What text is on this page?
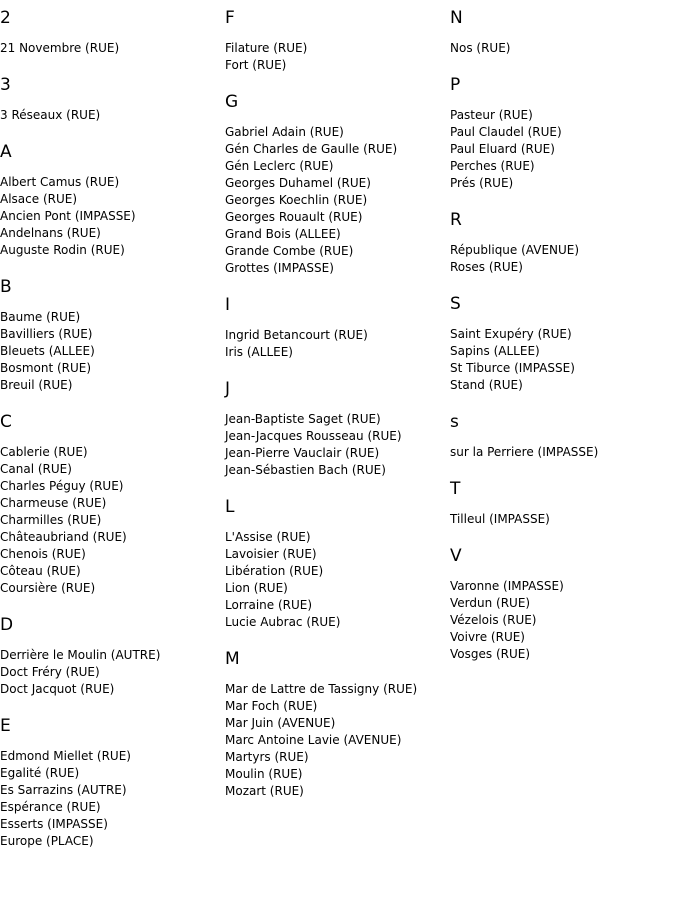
2
21 Novembre (RUE)
3
3 Réseaux (RUE)
A
Albert Camus (RUE)
Alsace (RUE)
Ancien Pont (IMPASSE)
Andelnans (RUE)
Auguste Rodin (RUE)
B
Baume (RUE)
Bavilliers (RUE)
Bleuets (ALLEE)
Bosmont (RUE)
Breuil (RUE)
C
Cablerie (RUE)
Canal (RUE)
Charles Péguy (RUE)
Charmeuse (RUE)
Charmilles (RUE)
Châteaubriand (RUE)
Chenois (RUE)
Côteau (RUE)
Coursière (RUE)
D
Derrière le Moulin (AUTRE)
Doct Fréry (RUE)
Doct Jacquot (RUE)
E
Edmond Miellet (RUE)
Egalité (RUE)
Es Sarrazins (AUTRE)
Espérance (RUE)
Esserts (IMPASSE)
Europe (PLACE)
F
Filature (RUE)
Fort (RUE)
G
Gabriel Adain (RUE)
Gén Charles de Gaulle (RUE)
Gén Leclerc (RUE)
Georges Duhamel (RUE)
Georges Koechlin (RUE)
Georges Rouault (RUE)
Grand Bois (ALLEE)
Grande Combe (RUE)
Grottes (IMPASSE)
I
Ingrid Betancourt (RUE)
Iris (ALLEE)
J
Jean-Baptiste Saget (RUE)
Jean-Jacques Rousseau (RUE)
Jean-Pierre Vauclair (RUE)
Jean-Sébastien Bach (RUE)
L
L'Assise (RUE)
Lavoisier (RUE)
Libération (RUE)
Lion (RUE)
Lorraine (RUE)
Lucie Aubrac (RUE)
M
Mar de Lattre de Tassigny (RUE)
Mar Foch (RUE)
Mar Juin (AVENUE)
Marc Antoine Lavie (AVENUE)
Martyrs (RUE)
Moulin (RUE)
Mozart (RUE)
N
Nos (RUE)
P
Pasteur (RUE)
Paul Claudel (RUE)
Paul Eluard (RUE)
Perches (RUE)
Prés (RUE)
R
République (AVENUE)
Roses (RUE)
S
Saint Exupéry (RUE)
Sapins (ALLEE)
St Tiburce (IMPASSE)
Stand (RUE)
s
sur la Perriere (IMPASSE)
T
Tilleul (IMPASSE)
V
Varonne (IMPASSE)
Verdun (RUE)
Vézelois (RUE)
Voivre (RUE)
Vosges (RUE)
